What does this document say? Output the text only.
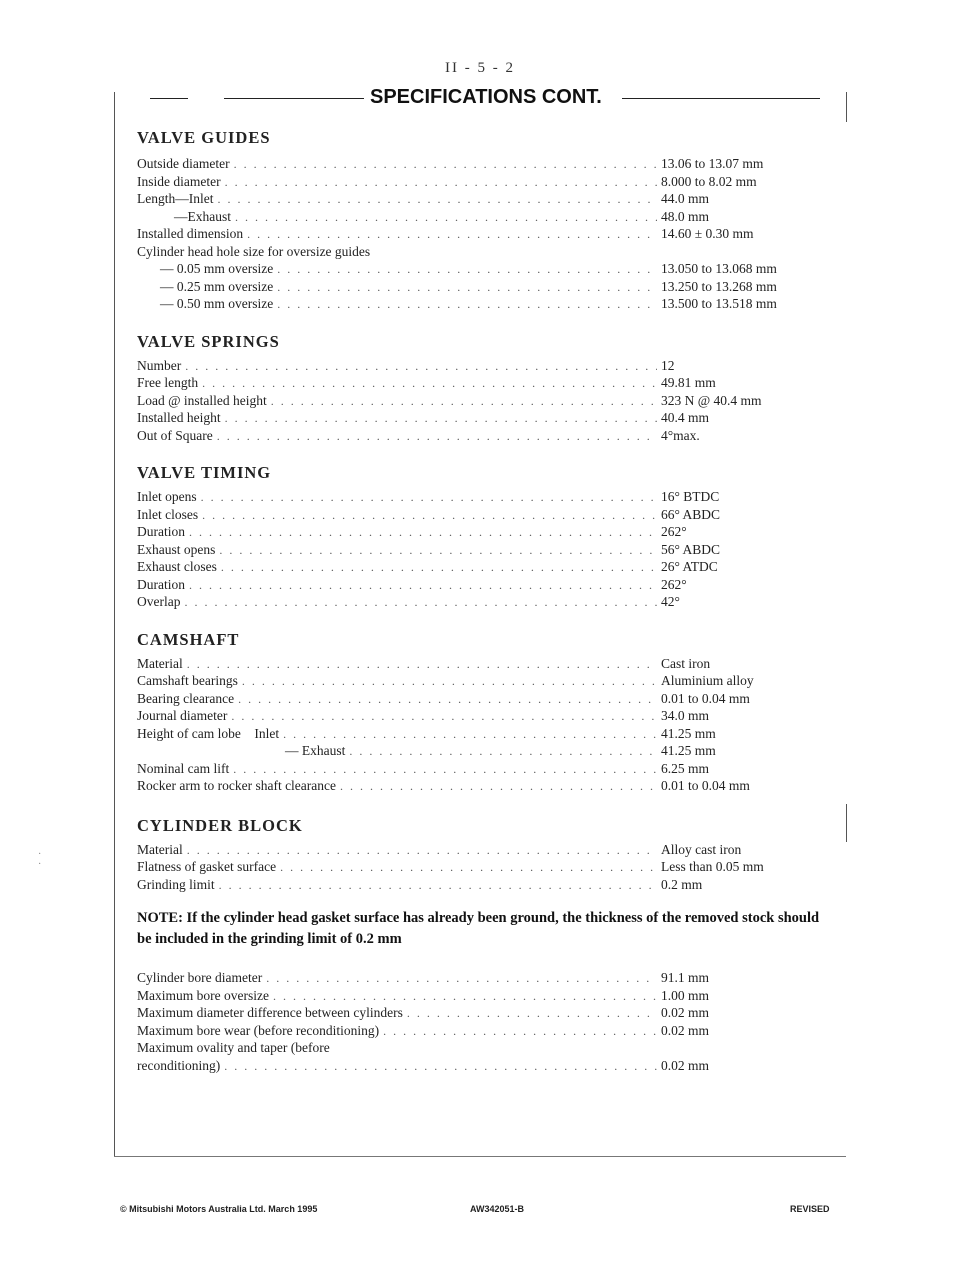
II - 5 - 2
SPECIFICATIONS CONT.
·
·
VALVE GUIDES
Outside diameter . . .	13.06 to 13.07 mm
Inside diameter . . .	8.000 to 8.02 mm
Length—Inlet . . .	44.0 mm
—Exhaust . . .	48.0 mm
Installed dimension . . .	14.60 ± 0.30 mm
Cylinder head hole size for oversize guides
— 0.05 mm oversize . . .	13.050 to 13.068 mm
— 0.25 mm oversize . . .	13.250 to 13.268 mm
— 0.50 mm oversize . . .	13.500 to 13.518 mm
VALVE SPRINGS
Number . . .	12
Free length . . .	49.81 mm
Load @ installed height . . .	323 N @ 40.4 mm
Installed height . . .	40.4 mm
Out of Square . . .	4°max.
VALVE TIMING
Inlet opens . . .	16° BTDC
Inlet closes . . .	66° ABDC
Duration . . .	262°
Exhaust opens . . .	56° ABDC
Exhaust closes . . .	26° ATDC
Duration . . .	262°
Overlap . . .	42°
CAMSHAFT
Material . . .	Cast iron
Camshaft bearings . . .	Aluminium alloy
Bearing clearance . . .	0.01 to 0.04 mm
Journal diameter . . .	34.0 mm
Height of cam lobe    Inlet . . .	41.25 mm
— Exhaust . . .	41.25 mm
Nominal cam lift . . .	6.25 mm
Rocker arm to rocker shaft clearance . . .	0.01 to 0.04 mm
CYLINDER BLOCK
Material . . .	Alloy cast iron
Flatness of gasket surface . . .	Less than 0.05 mm
Grinding limit . . .	0.2 mm
NOTE: If the cylinder head gasket surface has already been ground, the thickness of the removed stock should be included in the grinding limit of 0.2 mm
Cylinder bore diameter . . .	91.1 mm
Maximum bore oversize . . .	1.00 mm
Maximum diameter difference between cylinders . . .	0.02 mm
Maximum bore wear (before reconditioning) . . .	0.02 mm
Maximum ovality and taper (before
reconditioning) . . .	0.02 mm
© Mitsubishi Motors Australia Ltd. March 1995	AW342051-B	REVISED
